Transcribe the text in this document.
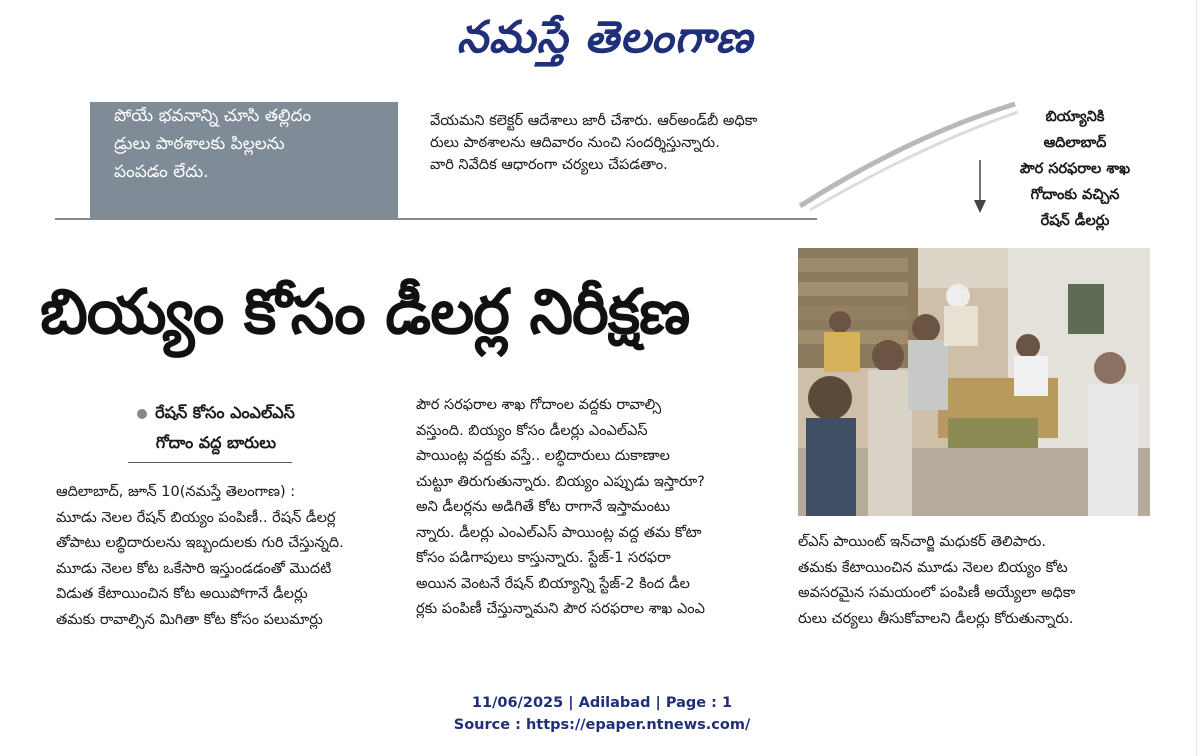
నమస్తే తెలంగాణ
పోయే భవనాన్ని చూసి తల్లిదం
డ్రులు పాఠశాలకు పిల్లలను
పంపడం లేదు.

వేయమని కలెక్టర్ ఆదేశాలు జారీ చేశారు. ఆర్అండ్‌బీ అధికా
రులు పాఠశాలను ఆదివారం నుంచి సందర్శిస్తున్నారు.
వారి నివేదిక ఆధారంగా చర్యలు చేపడతాం.
బియ్యానికి
ఆదిలాబాద్
పౌర సరఫరాల శాఖ
గోదాంకు వచ్చిన
రేషన్ డీలర్లు
బియ్యం కోసం డీలర్ల నిరీక్షణ
రేషన్ కోసం ఎంఎల్ఎస్
గోదాం వద్ద బారులు
ఆదిలాబాద్, జూన్ 10(నమస్తే తెలంగాణ) :
మూడు నెలల రేషన్ బియ్యం పంపిణీ.. రేషన్ డీలర్ల
తోపాటు లబ్ధిదారులను ఇబ్బందులకు గురి చేస్తున్నది.
మూడు నెలల కోట ఒకేసారి ఇస్తుండడంతో మొదటి
విడుత కేటాయించిన కోట అయిపోగానే డీలర్లు
తమకు రావాల్సిన మిగితా కోట కోసం పలుమార్లు
పౌర సరఫరాల శాఖ గోదాంల వద్దకు రావాల్సి
వస్తుంది. బియ్యం కోసం డీలర్లు ఎంఎల్ఎస్
పాయింట్ల వద్దకు వస్తే.. లబ్ధిదారులు దుకాణాల
చుట్టూ తిరుగుతున్నారు. బియ్యం ఎప్పుడు ఇస్తారూ?
అని డీలర్లను అడిగితే కోట రాగానే ఇస్తామంటు
న్నారు. డీలర్లు ఎంఎల్ఎస్ పాయింట్ల వద్ద తమ కోటా
కోసం పడిగాపులు కాస్తున్నారు. స్టేజ్-1 సరఫరా
అయిన వెంటనే రేషన్ బియ్యాన్ని స్టేజ్-2 కింద డీల
ర్లకు పంపిణీ చేస్తున్నామని పౌర సరఫరాల శాఖ ఎంఎ
ల్ఎస్ పాయింట్ ఇన్‌చార్జి మధుకర్ తెలిపారు.
తమకు కేటాయించిన మూడు నెలల బియ్యం కోట
అవసరమైన సమయంలో పంపిణీ అయ్యేలా అధికా
రులు చర్యలు తీసుకోవాలని డీలర్లు కోరుతున్నారు.
11/06/2025 | Adilabad | Page : 1
Source : https://epaper.ntnews.com/
